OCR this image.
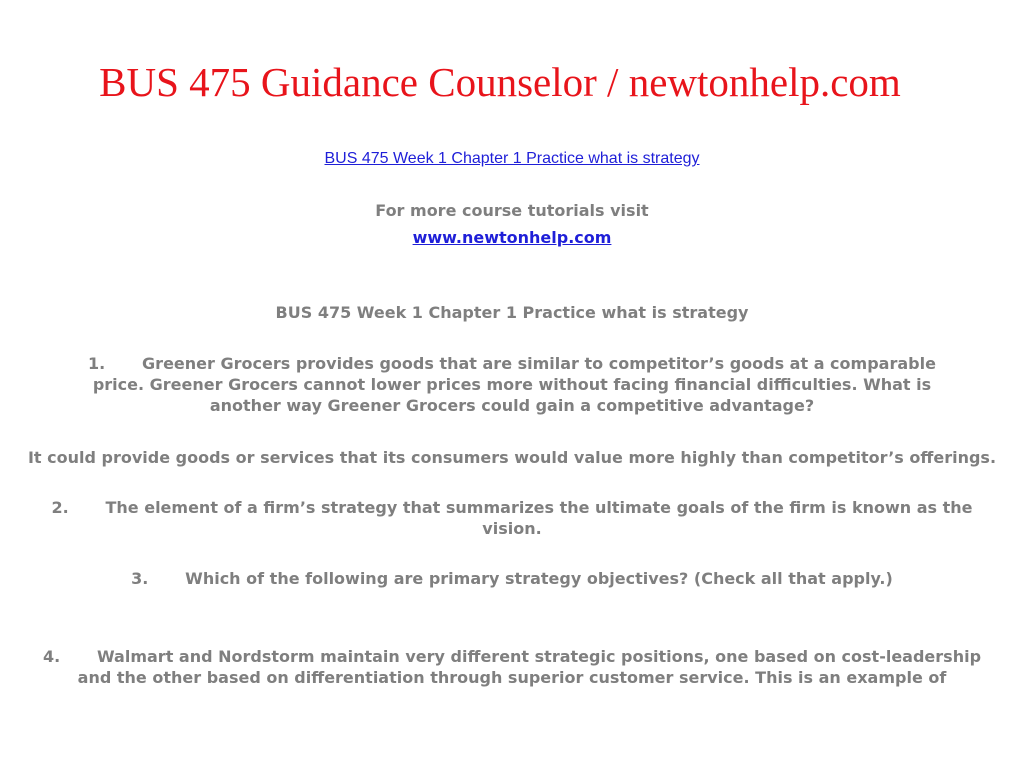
BUS 475 Guidance Counselor / newtonhelp.com
BUS 475 Week 1 Chapter 1 Practice what is strategy
For more course tutorials visit
www.newtonhelp.com
BUS 475 Week 1 Chapter 1 Practice what is strategy
1. Greener Grocers provides goods that are similar to competitor’s goods at a comparable price. Greener Grocers cannot lower prices more without facing financial difficulties. What is another way Greener Grocers could gain a competitive advantage?
It could provide goods or services that its consumers would value more highly than competitor’s offerings.
2. The element of a firm’s strategy that summarizes the ultimate goals of the firm is known as the vision.
3. Which of the following are primary strategy objectives? (Check all that apply.)
4. Walmart and Nordstorm maintain very different strategic positions, one based on cost-leadership and the other based on differentiation through superior customer service. This is an example of
